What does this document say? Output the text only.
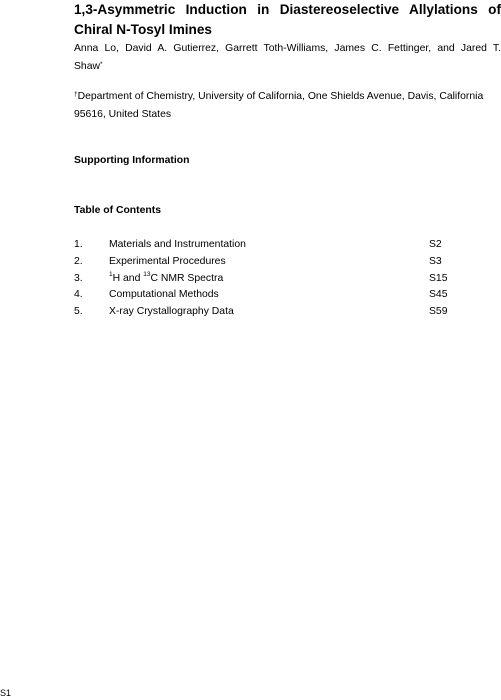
1,3-Asymmetric Induction in Diastereoselective Allylations of
Chiral N-Tosyl Imines
Anna Lo, David A. Gutierrez, Garrett Toth-Williams, James C. Fettinger, and Jared T.
Shaw*
†Department of Chemistry, University of California, One Shields Avenue, Davis, California
95616, United States
Supporting Information
Table of Contents
1.	Materials and Instrumentation	S2
2.	Experimental Procedures	S3
3.	$^1$H and $^{13}$C NMR Spectra	S15
4.	Computational Methods	S45
5.	X-ray Crystallography Data	S59
S1
